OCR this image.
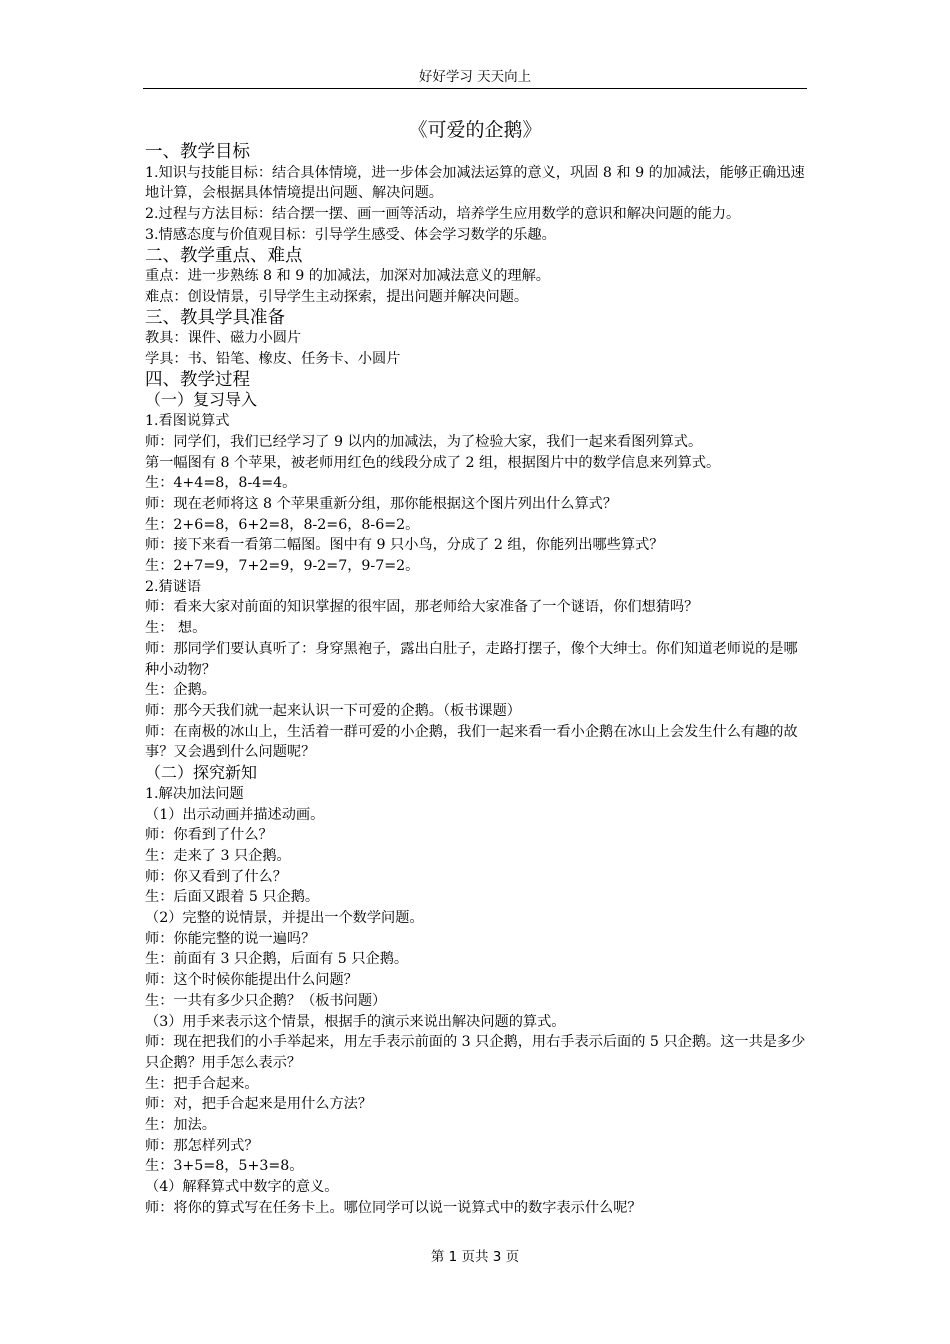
好好学习 天天向上
《可爱的企鹅》

一、教学目标

1.知识与技能目标：结合具体情境，进一步体会加减法运算的意义，巩固 8 和 9 的加减法，能够正确迅速地计算，会根据具体情境提出问题、解决问题。

2.过程与方法目标：结合摆一摆、画一画等活动，培养学生应用数学的意识和解决问题的能力。

3.情感态度与价值观目标：引导学生感受、体会学习数学的乐趣。

二、教学重点、难点

重点：进一步熟练 8 和 9 的加减法，加深对加减法意义的理解。

难点：创设情景，引导学生主动探索，提出问题并解决问题。

三、教具学具准备

教具：课件、磁力小圆片

学具：书、铅笔、橡皮、任务卡、小圆片

四、教学过程

（一）复习导入

1.看图说算式

师：同学们，我们已经学习了 9 以内的加减法，为了检验大家，我们一起来看图列算式。

第一幅图有 8 个苹果，被老师用红色的线段分成了 2 组，根据图片中的数学信息来列算式。

生：4+4=8，8-4=4。

师：现在老师将这 8 个苹果重新分组，那你能根据这个图片列出什么算式？

生：2+6=8，6+2=8，8-2=6，8-6=2。

师：接下来看一看第二幅图。图中有 9 只小鸟，分成了 2 组，你能列出哪些算式？

生：2+7=9，7+2=9，9-2=7，9-7=2。

2.猜谜语

师：看来大家对前面的知识掌握的很牢固，那老师给大家准备了一个谜语，你们想猜吗？

生： 想。

师：那同学们要认真听了：身穿黑袍子，露出白肚子，走路打摆子，像个大绅士。你们知道老师说的是哪种小动物？

生：企鹅。

师：那今天我们就一起来认识一下可爱的企鹅。（板书课题）

师：在南极的冰山上，生活着一群可爱的小企鹅，我们一起来看一看小企鹅在冰山上会发生什么有趣的故事？又会遇到什么问题呢？

（二）探究新知

1.解决加法问题

（1）出示动画并描述动画。

师：你看到了什么？

生：走来了 3 只企鹅。

师：你又看到了什么？

生：后面又跟着 5 只企鹅。

（2）完整的说情景，并提出一个数学问题。

师：你能完整的说一遍吗？

生：前面有 3 只企鹅，后面有 5 只企鹅。

师：这个时候你能提出什么问题？

生：一共有多少只企鹅？（板书问题）

（3）用手来表示这个情景，根据手的演示来说出解决问题的算式。

师：现在把我们的小手举起来，用左手表示前面的 3 只企鹅，用右手表示后面的 5 只企鹅。这一共是多少只企鹅？用手怎么表示？

生：把手合起来。

师：对，把手合起来是用什么方法？

生：加法。

师：那怎样列式？

生：3+5=8，5+3=8。

（4）解释算式中数字的意义。

师：将你的算式写在任务卡上。哪位同学可以说一说算式中的数字表示什么呢？

第 1 页共 3 页
